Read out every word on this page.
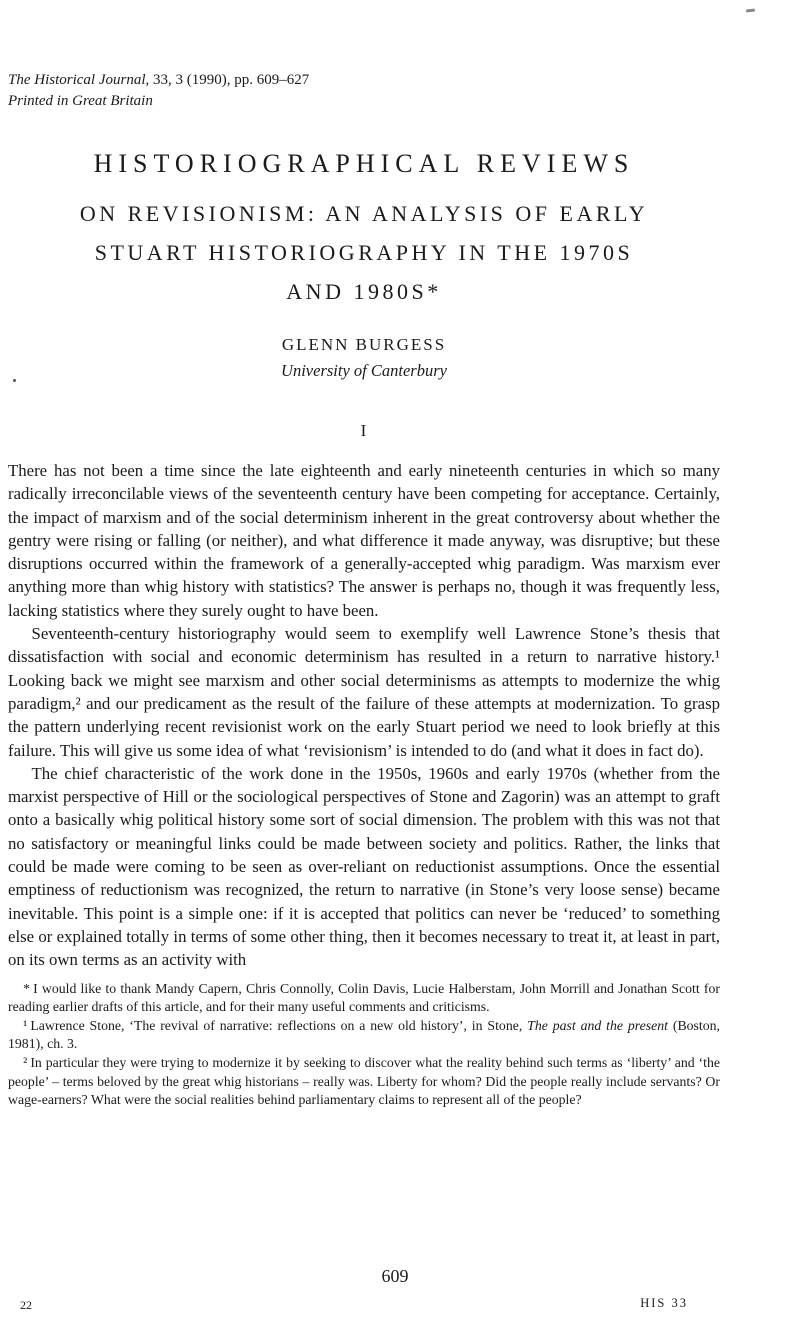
The Historical Journal, 33, 3 (1990), pp. 609–627

Printed in Great Britain

HISTORIOGRAPHICAL REVIEWS
ON REVISIONISM: AN ANALYSIS OF EARLY
STUART HISTORIOGRAPHY IN THE 1970S
AND 1980S*
GLENN BURGESS
University of Canterbury
I

There has not been a time since the late eighteenth and early nineteenth centuries in which so many radically irreconcilable views of the seventeenth century have been competing for acceptance. Certainly, the impact of marxism and of the social determinism inherent in the great controversy about whether the gentry were rising or falling (or neither), and what difference it made anyway, was disruptive; but these disruptions occurred within the framework of a generally-accepted whig paradigm. Was marxism ever anything more than whig history with statistics? The answer is perhaps no, though it was frequently less, lacking statistics where they surely ought to have been.

Seventeenth-century historiography would seem to exemplify well Lawrence Stone’s thesis that dissatisfaction with social and economic determinism has resulted in a return to narrative history.¹ Looking back we might see marxism and other social determinisms as attempts to modernize the whig paradigm,² and our predicament as the result of the failure of these attempts at modernization. To grasp the pattern underlying recent revisionist work on the early Stuart period we need to look briefly at this failure. This will give us some idea of what ‘revisionism’ is intended to do (and what it does in fact do).

The chief characteristic of the work done in the 1950s, 1960s and early 1970s (whether from the marxist perspective of Hill or the sociological perspectives of Stone and Zagorin) was an attempt to graft onto a basically whig political history some sort of social dimension. The problem with this was not that no satisfactory or meaningful links could be made between society and politics. Rather, the links that could be made were coming to be seen as over-reliant on reductionist assumptions. Once the essential emptiness of reductionism was recognized, the return to narrative (in Stone’s very loose sense) became inevitable. This point is a simple one: if it is accepted that politics can never be ‘reduced’ to something else or explained totally in terms of some other thing, then it becomes necessary to treat it, at least in part, on its own terms as an activity with

* I would like to thank Mandy Capern, Chris Connolly, Colin Davis, Lucie Halberstam, John Morrill and Jonathan Scott for reading earlier drafts of this article, and for their many useful comments and criticisms.

¹ Lawrence Stone, ‘The revival of narrative: reflections on a new old history’, in Stone, The past and the present (Boston, 1981), ch. 3.

² In particular they were trying to modernize it by seeking to discover what the reality behind such terms as ‘liberty’ and ‘the people’ – terms beloved by the great whig historians – really was. Liberty for whom? Did the people really include servants? Or wage-earners? What were the social realities behind parliamentary claims to represent all of the people?

609
22	HIS 33
